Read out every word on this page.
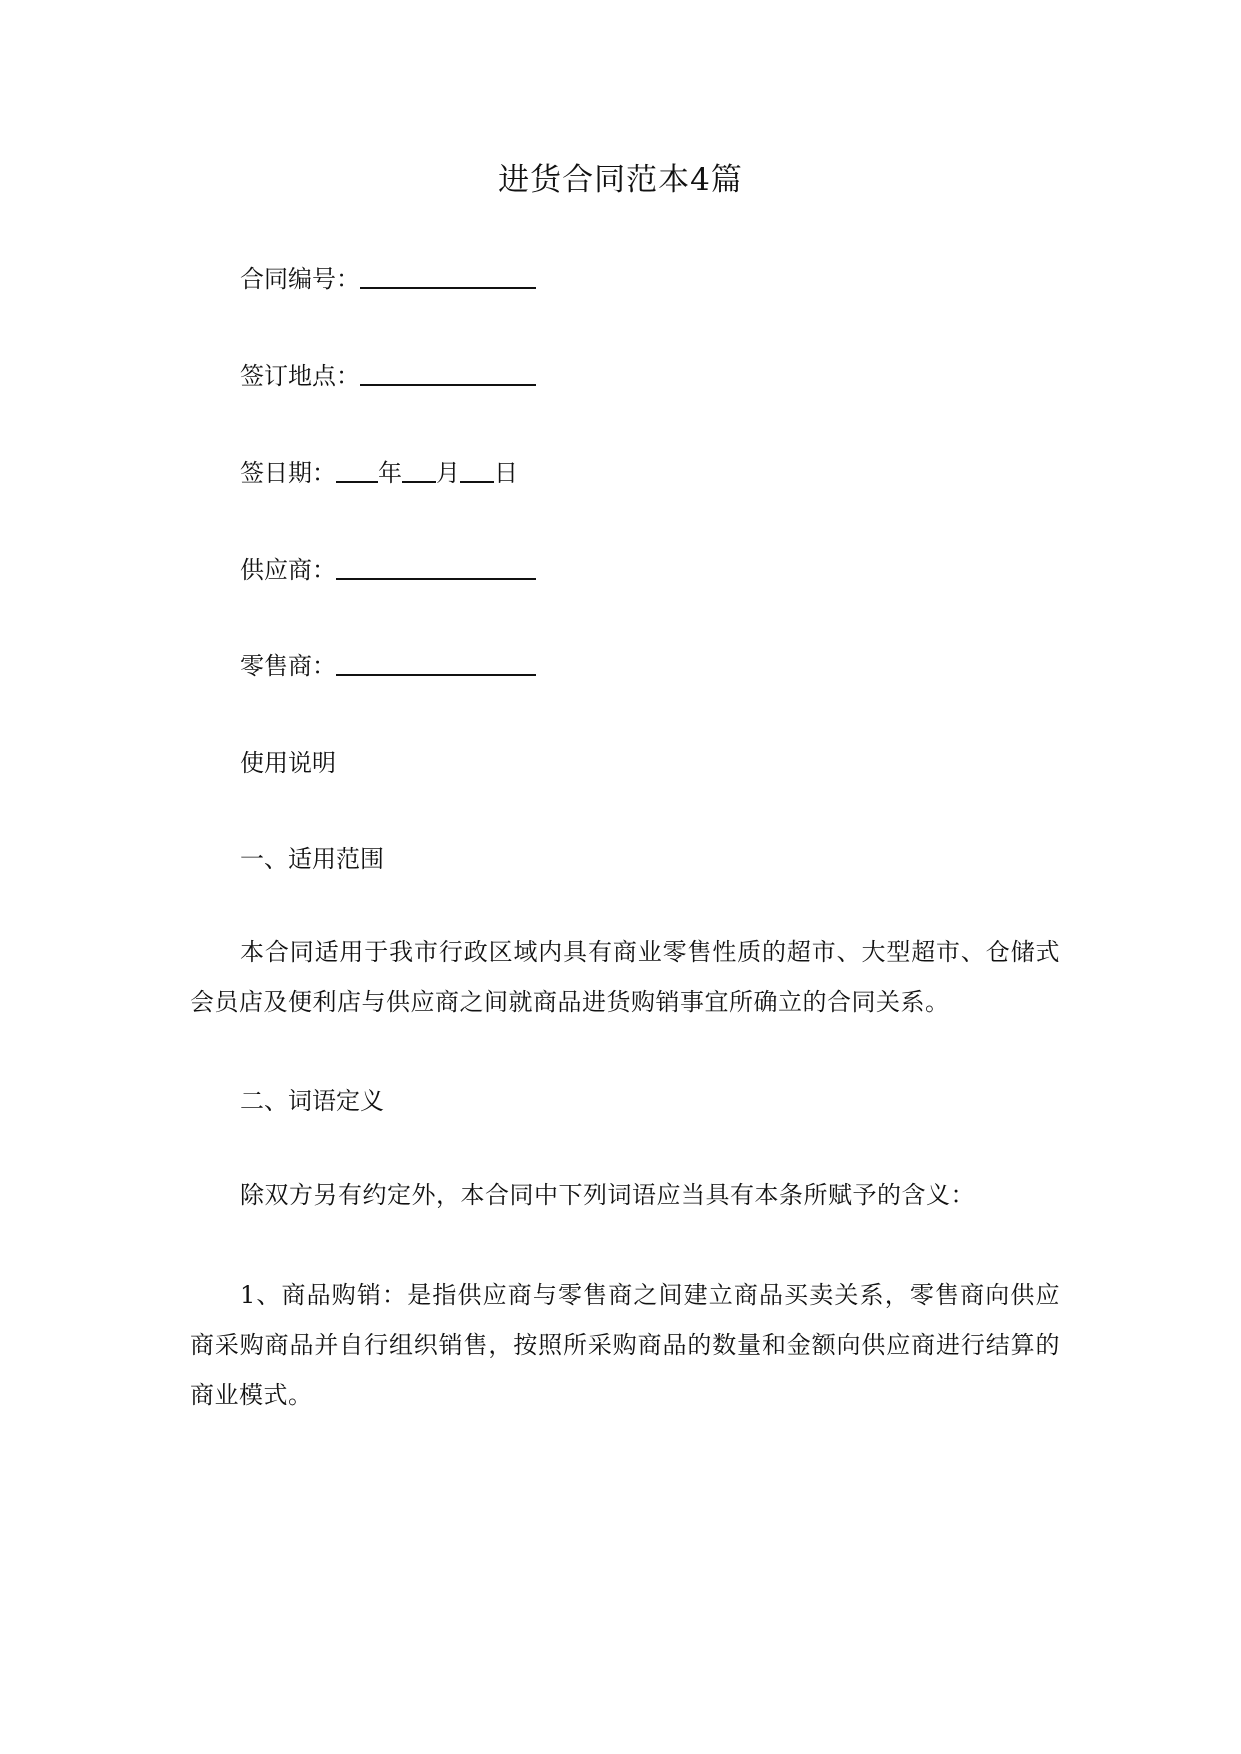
进货合同范本4篇
合同编号：
签订地点：
签日期： 年 月 日
供应商：
零售商：
使用说明
一、适用范围

本合同适用于我市行政区域内具有商业零售性质的超市、大型超市、仓储式会员店及便利店与供应商之间就商品进货购销事宜所确立的合同关系。

二、词语定义

除双方另有约定外，本合同中下列词语应当具有本条所赋予的含义：

1、商品购销：是指供应商与零售商之间建立商品买卖关系，零售商向供应商采购商品并自行组织销售，按照所采购商品的数量和金额向供应商进行结算的商业模式。
